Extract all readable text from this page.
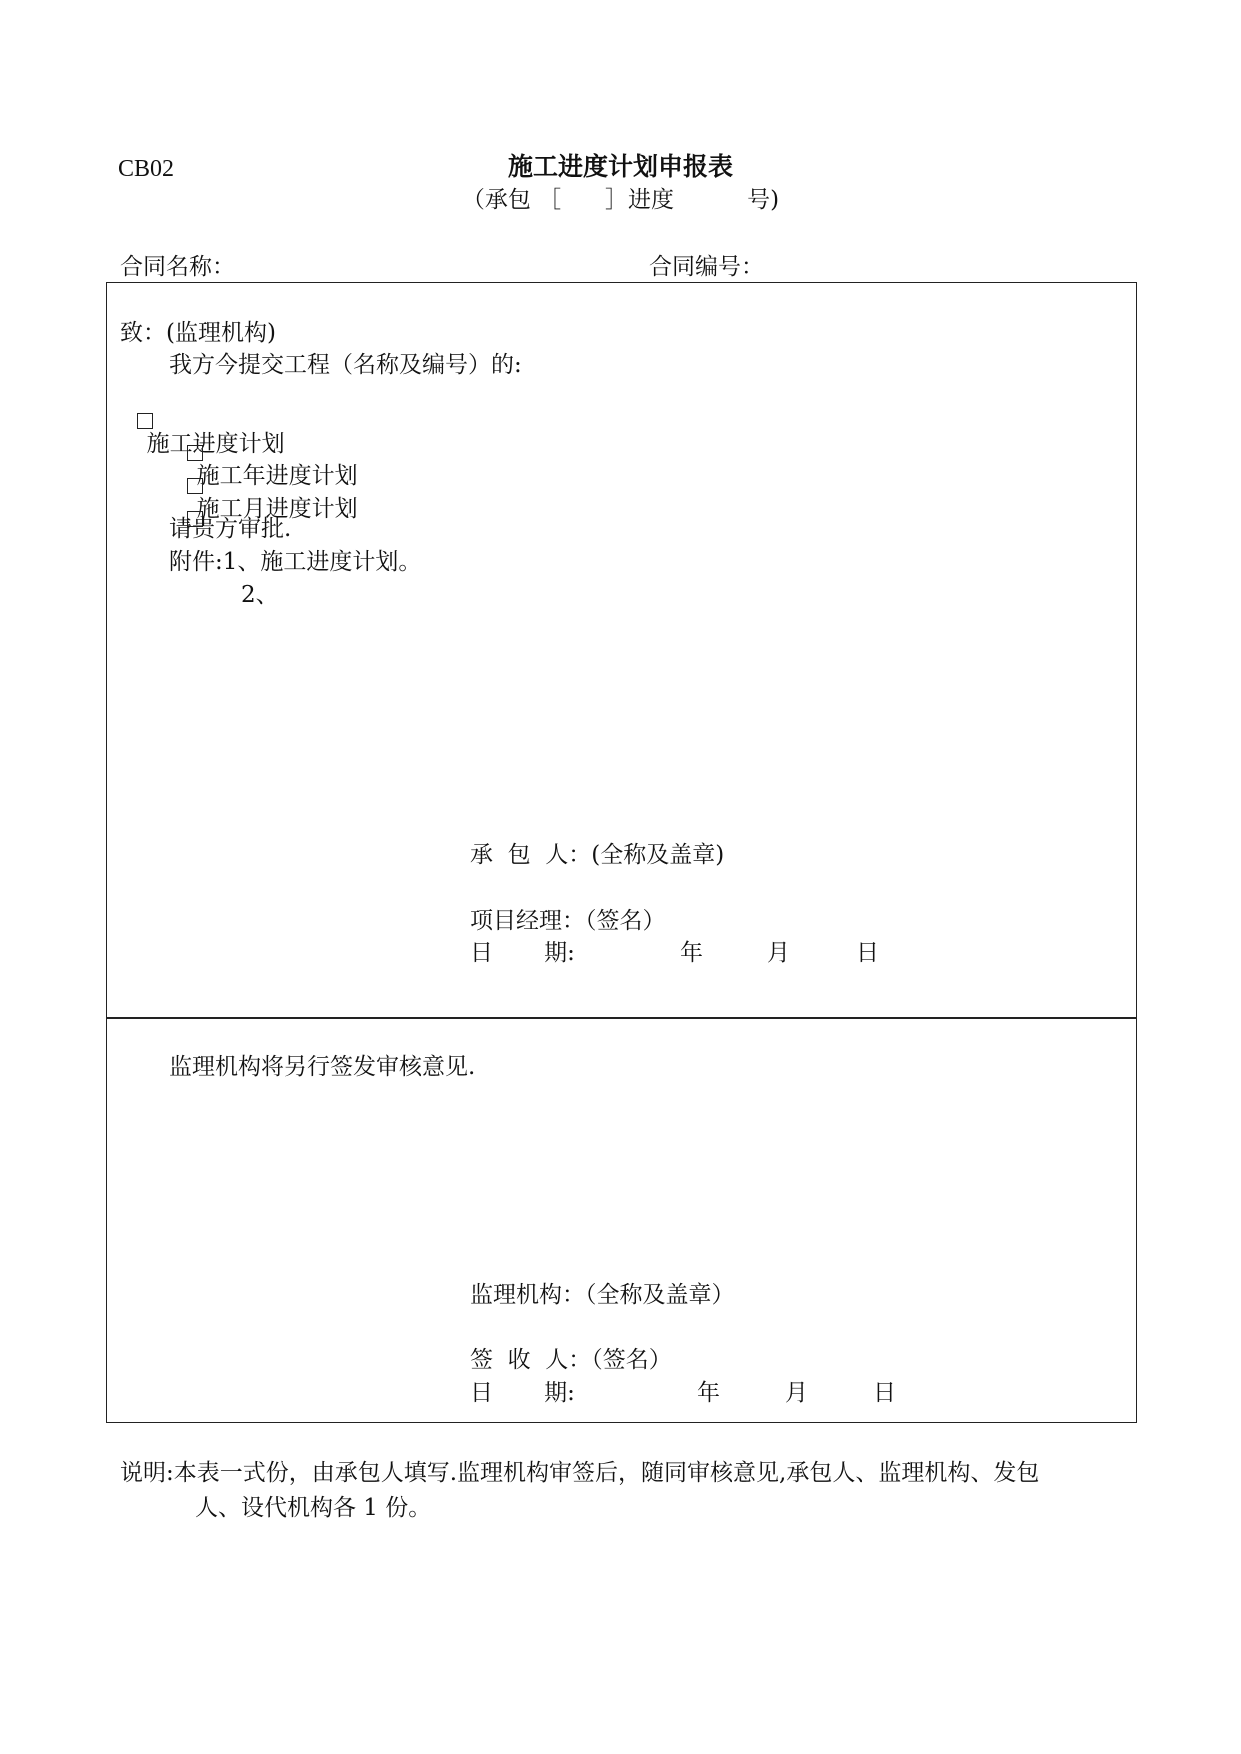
CB02	施工进度计划申报表
（承包 ［      ］进度          号)
合同名称：	合同编号：
致：(监理机构)
我方今提交工程（名称及编号）的:

施工进度计划

施工年进度计划

施工月进度计划

请贵方审批.
附件:1、施工进度计划。
2、
承  包  人：(全称及盖章)
项目经理：（签名）
日       期:	年	月	日
监理机构将另行签发审核意见.
监理机构：（全称及盖章）
签  收  人：（签名）
日       期:	年	月	日
说明:本表一式份，由承包人填写.监理机构审签后，随同审核意见,承包人、监理机构、发包
人、设代机构各 1 份。
